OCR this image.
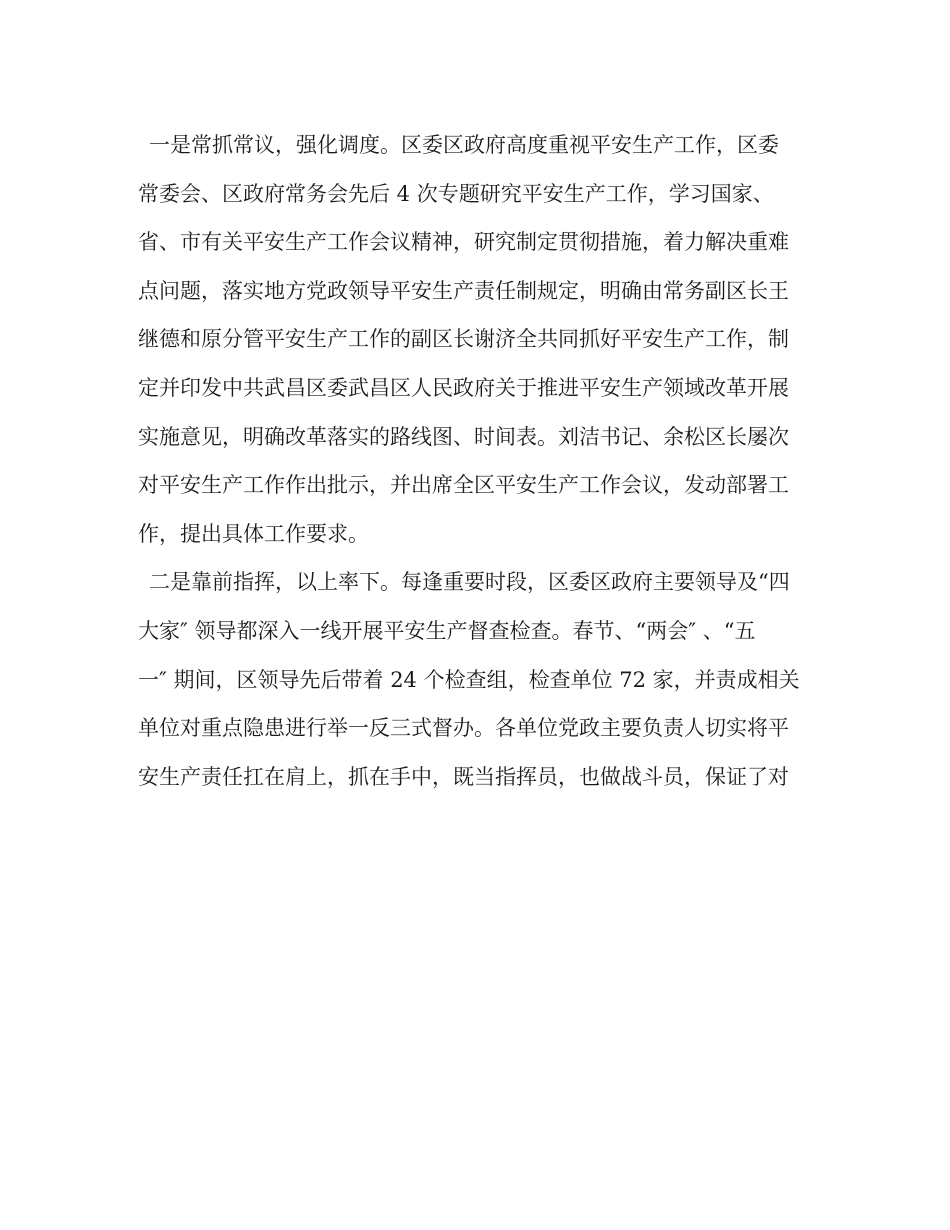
一是常抓常议，强化调度。区委区政府高度重视平安生产工作，区委
常委会、区政府常务会先后 4 次专题研究平安生产工作，学习国家、
省、市有关平安生产工作会议精神，研究制定贯彻措施，着力解决重难
点问题，落实地方党政领导平安生产责任制规定，明确由常务副区长王
继德和原分管平安生产工作的副区长谢济全共同抓好平安生产工作，制
定并印发中共武昌区委武昌区人民政府关于推进平安生产领域改革开展
实施意见，明确改革落实的路线图、时间表。刘洁书记、余松区长屡次
对平安生产工作作出批示，并出席全区平安生产工作会议，发动部署工
作，提出具体工作要求。
二是靠前指挥，以上率下。每逢重要时段，区委区政府主要领导及“四
大家″ 领导都深入一线开展平安生产督查检查。春节、“两会″ 、“五
一″ 期间，区领导先后带着 24 个检查组，检查单位 72 家，并责成相关
单位对重点隐患进行举一反三式督办。各单位党政主要负责人切实将平
安生产责任扛在肩上，抓在手中，既当指挥员，也做战斗员，保证了对
